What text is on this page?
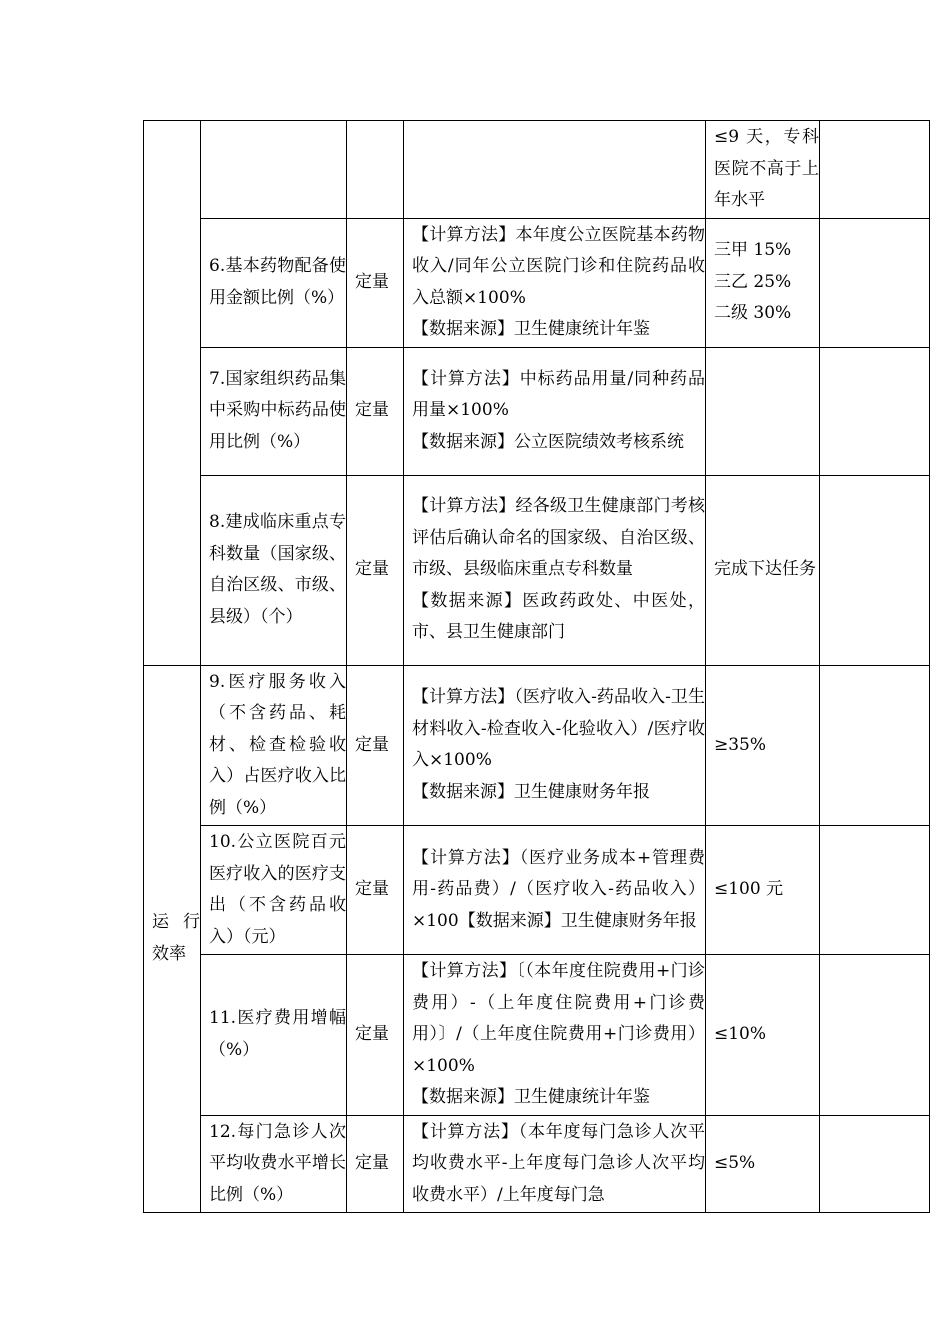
				≤9 天，专科医院不高于上年水平	
	6.基本药物配备使用金额比例（%）	定量	【计算方法】本年度公立医院基本药物收入/同年公立医院门诊和住院药品收入总额×100%
【数据来源】卫生健康统计年鉴	三甲 15%
三乙 25%
二级 30%	

	7.国家组织药品集中采购中标药品使用比例（%）	定量	【计算方法】中标药品用量/同种药品用量×100%
【数据来源】公立医院绩效考核系统		

	8.建成临床重点专科数量（国家级、自治区级、市级、县级）（个）	定量	【计算方法】经各级卫生健康部门考核评估后确认命名的国家级、自治区级、市级、县级临床重点专科数量
【数据来源】医政药政处、中医处，市、县卫生健康部门	完成下达任务	
运行效率	9.医疗服务收入（不含药品、耗材、检查检验收入）占医疗收入比例（%）	定量	【计算方法】（医疗收入-药品收入-卫生材料收入-检查收入-化验收入）/医疗收入×100%
【数据来源】卫生健康财务年报	≥35%	
	10.公立医院百元医疗收入的医疗支出（不含药品收入）（元）	定量	【计算方法】（医疗业务成本+管理费用-药品费）/（医疗收入-药品收入）×100【数据来源】卫生健康财务年报	≤100 元	
	11.医疗费用增幅（%）	定量	【计算方法】〔（本年度住院费用+门诊费用）-（上年度住院费用+门诊费用）〕/（上年度住院费用+门诊费用）×100%
【数据来源】卫生健康统计年鉴	≤10%	
	12.每门急诊人次平均收费水平增长比例（%）	定量	【计算方法】（本年度每门急诊人次平均收费水平-上年度每门急诊人次平均收费水平）/上年度每门急	≤5%	
